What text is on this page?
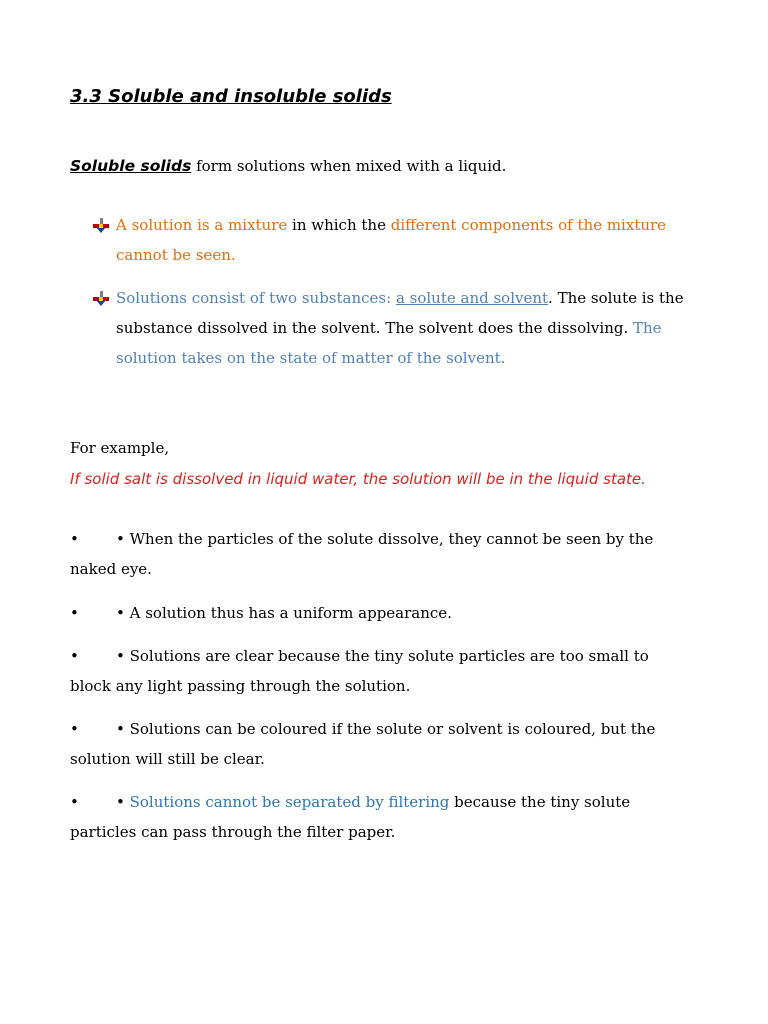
3.3 Soluble and insoluble solids

Soluble solids form solutions when mixed with a liquid.

A solution is a mixture in which the different components of the mixture cannot be seen.

Solutions consist of two substances: a solute and solvent. The solute is the substance dissolved in the solvent. The solvent does the dissolving. The solution takes on the state of matter of the solvent.

For example,

If solid salt is dissolved in liquid water, the solution will be in the liquid state.

• • When the particles of the solute dissolve, they cannot be seen by the naked eye.

• • A solution thus has a uniform appearance.

• • Solutions are clear because the tiny solute particles are too small to block any light passing through the solution.

• • Solutions can be coloured if the solute or solvent is coloured, but the solution will still be clear.

• • Solutions cannot be separated by filtering because the tiny solute particles can pass through the filter paper.
